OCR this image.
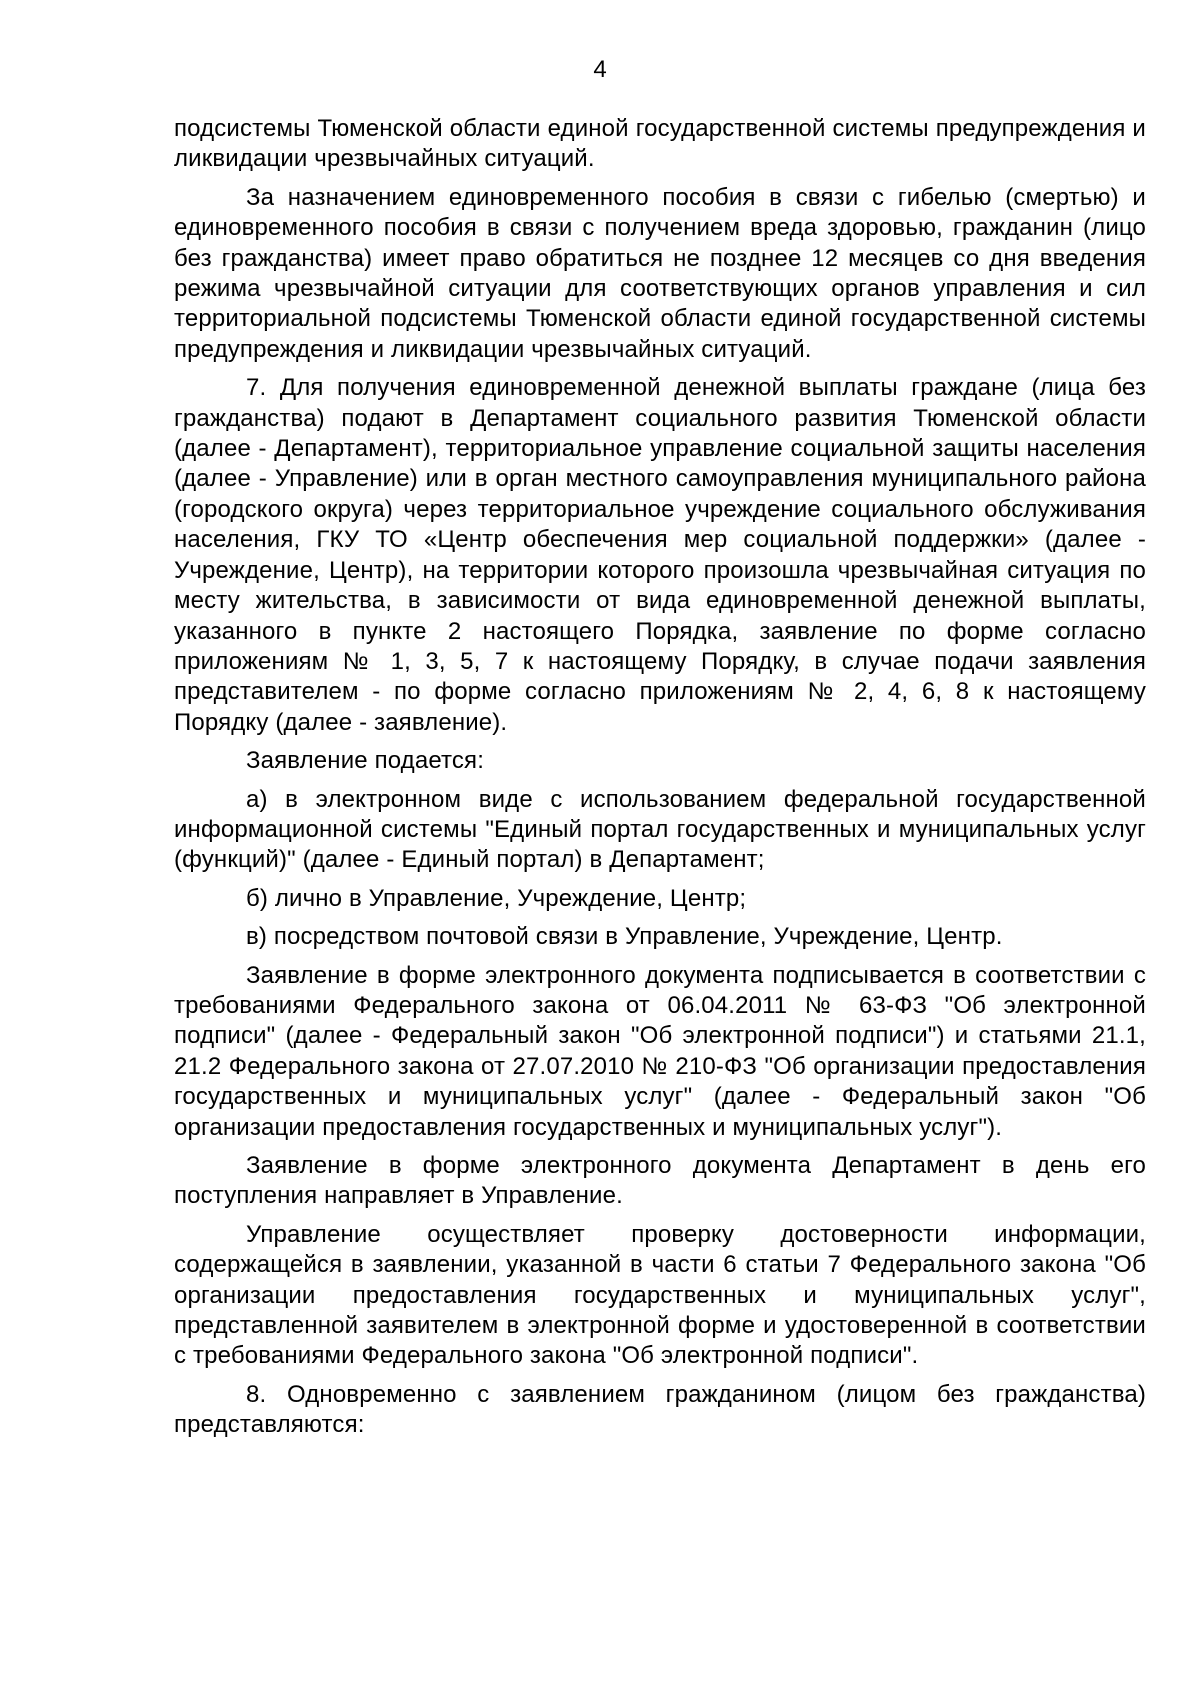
4

подсистемы Тюменской области единой государственной системы предупреждения и ликвидации чрезвычайных ситуаций.

За назначением единовременного пособия в связи с гибелью (смертью) и единовременного пособия в связи с получением вреда здоровью, гражданин (лицо без гражданства) имеет право обратиться не позднее 12 месяцев со дня введения режима чрезвычайной ситуации для соответствующих органов управления и сил территориальной подсистемы Тюменской области единой государственной системы предупреждения и ликвидации чрезвычайных ситуаций.

7. Для получения единовременной денежной выплаты граждане (лица без гражданства) подают в Департамент социального развития Тюменской области (далее - Департамент), территориальное управление социальной защиты населения (далее - Управление) или в орган местного самоуправления муниципального района (городского округа) через территориальное учреждение социального обслуживания населения, ГКУ ТО «Центр обеспечения мер социальной поддержки» (далее - Учреждение, Центр), на территории которого произошла чрезвычайная ситуация по месту жительства, в зависимости от вида единовременной денежной выплаты, указанного в пункте 2 настоящего Порядка, заявление по форме согласно приложениям № 1, 3, 5, 7 к настоящему Порядку, в случае подачи заявления представителем - по форме согласно приложениям № 2, 4, 6, 8 к настоящему Порядку (далее - заявление).

Заявление подается:

а) в электронном виде с использованием федеральной государственной информационной системы "Единый портал государственных и муниципальных услуг (функций)" (далее - Единый портал) в Департамент;

б) лично в Управление, Учреждение, Центр;

в) посредством почтовой связи в Управление, Учреждение, Центр.

Заявление в форме электронного документа подписывается в соответствии с требованиями Федерального закона от 06.04.2011 № 63-ФЗ "Об электронной подписи" (далее - Федеральный закон "Об электронной подписи") и статьями 21.1, 21.2 Федерального закона от 27.07.2010 № 210-ФЗ "Об организации предоставления государственных и муниципальных услуг" (далее - Федеральный закон "Об организации предоставления государственных и муниципальных услуг").

Заявление в форме электронного документа Департамент в день его поступления направляет в Управление.

Управление осуществляет проверку достоверности информации, содержащейся в заявлении, указанной в части 6 статьи 7 Федерального закона "Об организации предоставления государственных и муниципальных услуг", представленной заявителем в электронной форме и удостоверенной в соответствии с требованиями Федерального закона "Об электронной подписи".

8. Одновременно с заявлением гражданином (лицом без гражданства) представляются:
